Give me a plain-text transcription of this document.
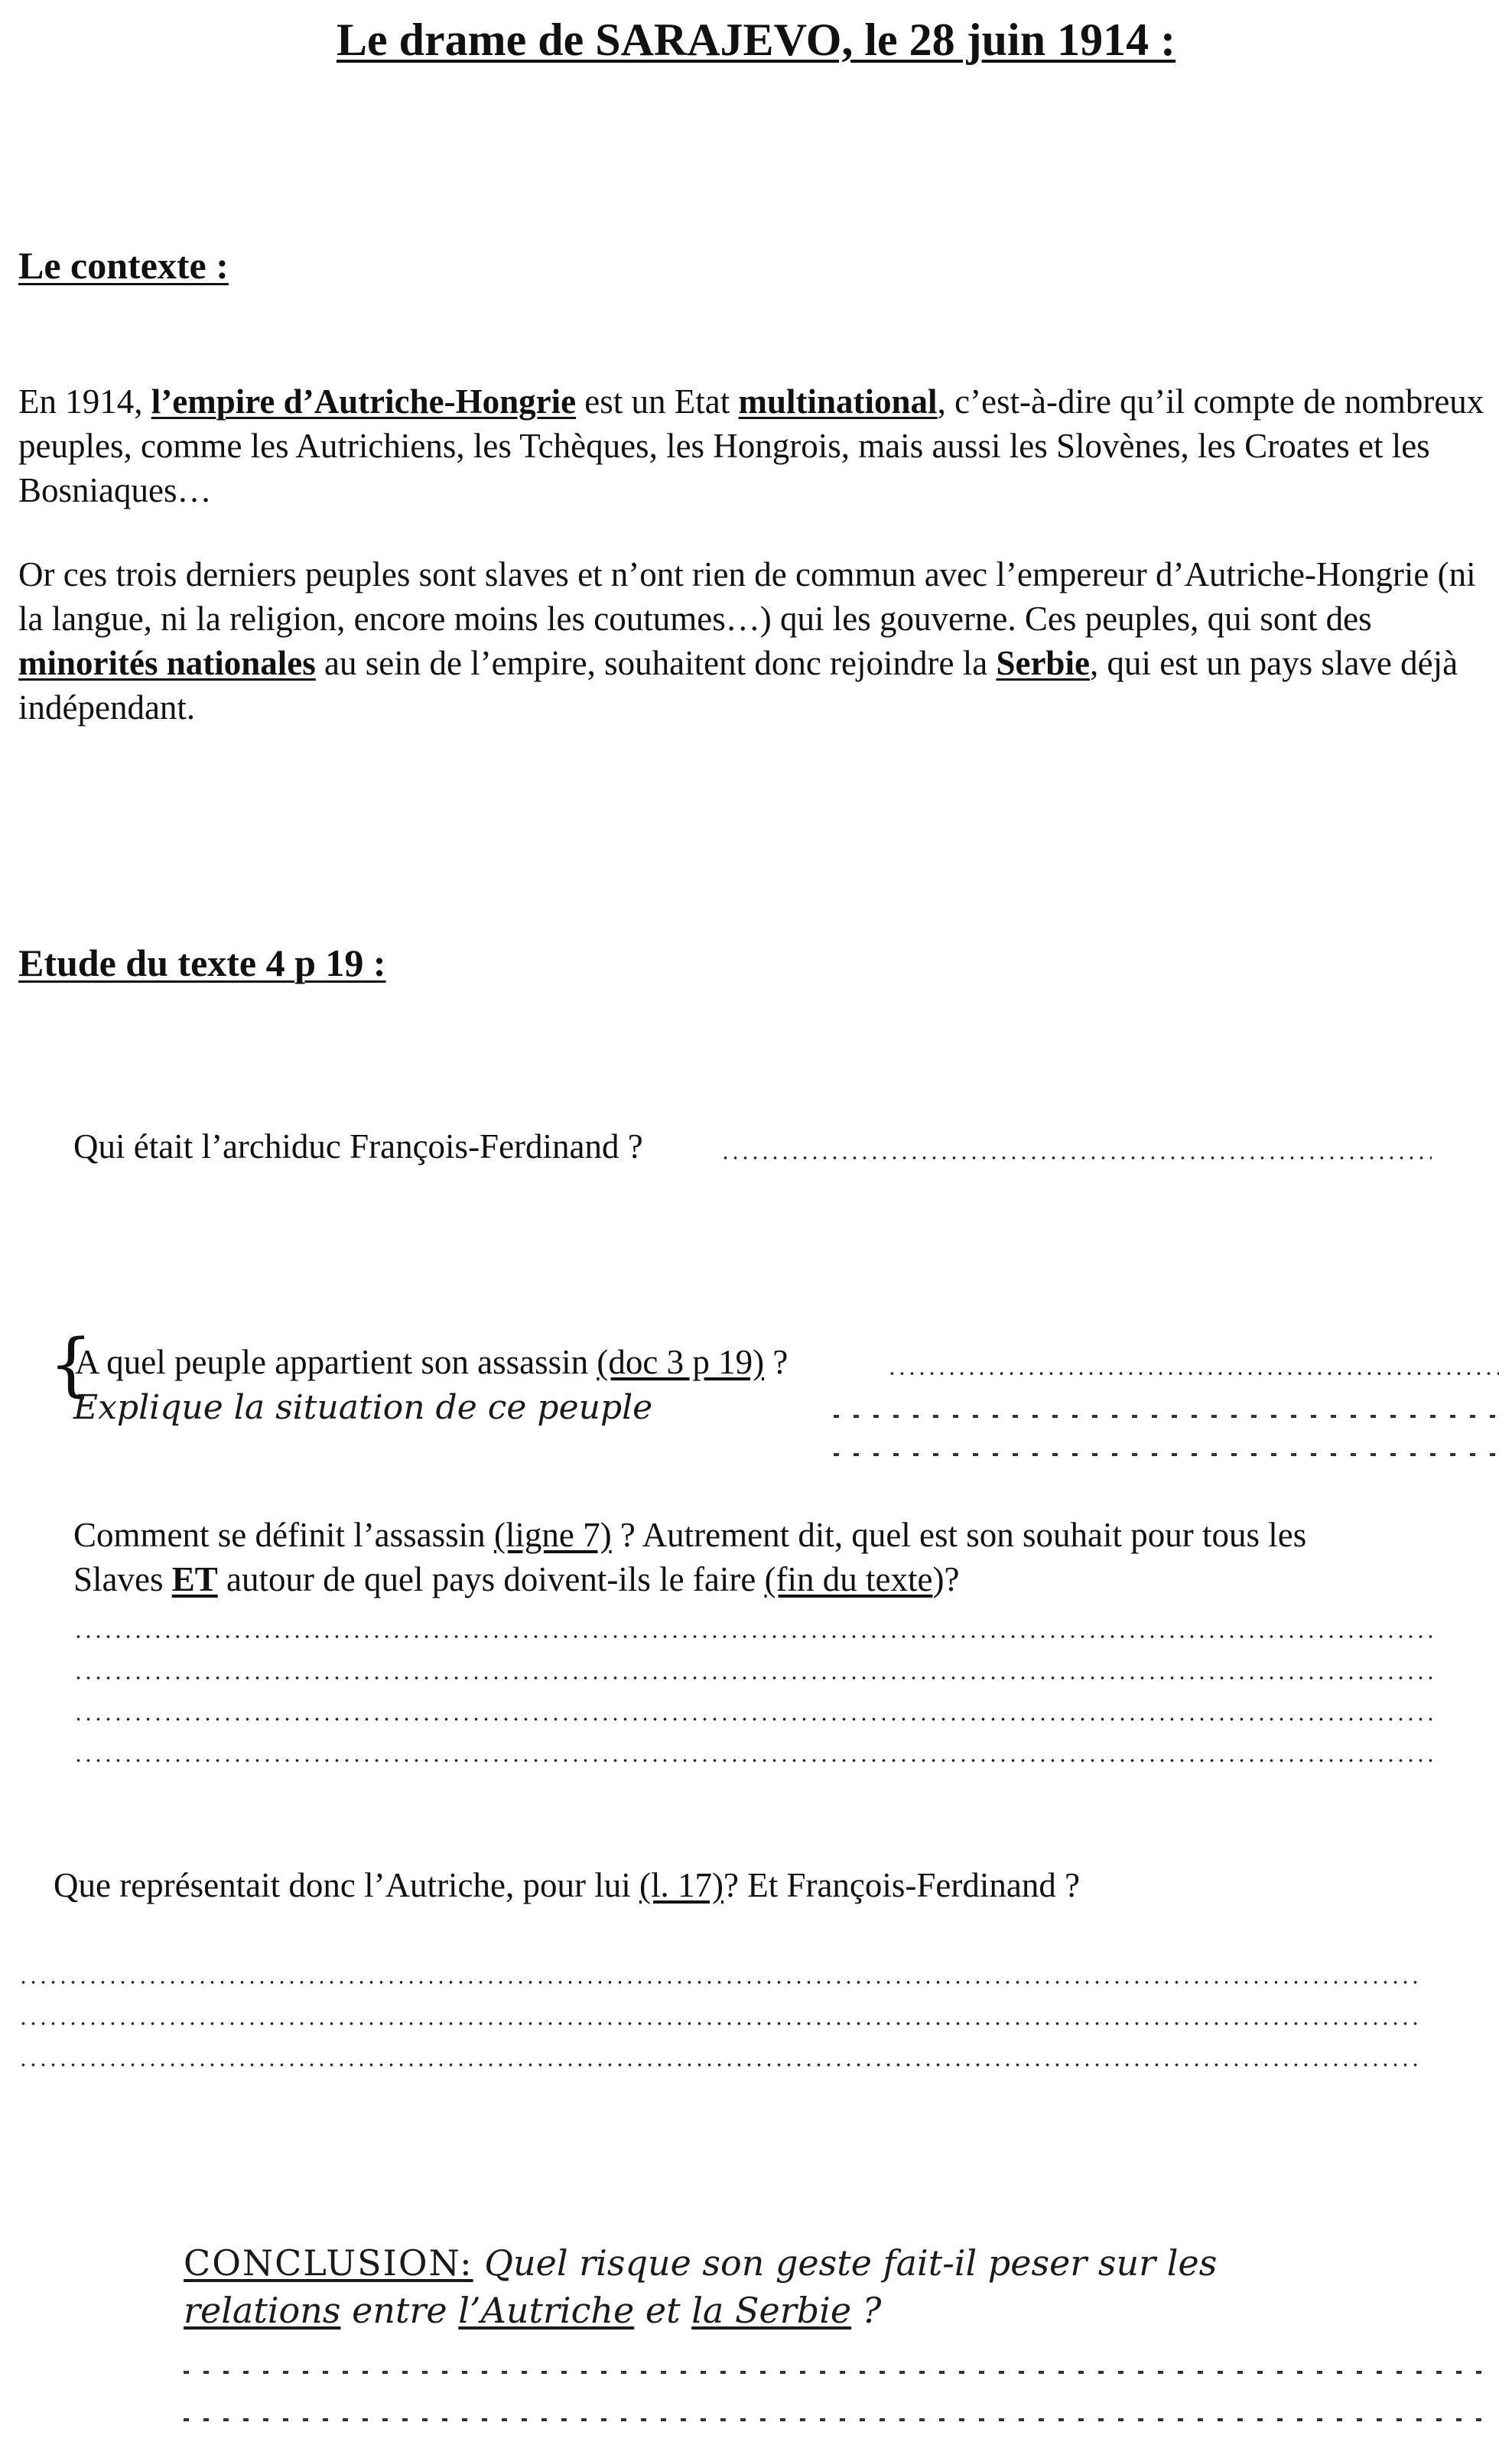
Le drame de SARAJEVO, le 28 juin 1914 :
Le contexte :
En 1914, l’empire d’Autriche-Hongrie est un Etat multinational, c’est-à-dire qu’il compte de nombreux peuples, comme les Autrichiens, les Tchèques, les Hongrois, mais aussi les Slovènes, les Croates et les Bosniaques…
Or ces trois derniers peuples sont slaves et n’ont rien de commun avec l’empereur d’Autriche-Hongrie (ni la langue, ni la religion, encore moins les coutumes…) qui les gouverne. Ces peuples, qui sont des minorités nationales au sein de l’empire, souhaitent donc rejoindre la Serbie, qui est un pays slave déjà indépendant.
Etude du texte 4 p 19 :
Qui était l’archiduc François-Ferdinand ?
{
A quel peuple appartient son assassin (doc 3 p 19) ?
Explique la situation de ce peuple
Comment se définit l’assassin (ligne 7) ? Autrement dit, quel est son souhait pour tous les
Slaves ET autour de quel pays doivent-ils le faire (fin du texte)?
Que représentait donc l’Autriche, pour lui (l. 17)? Et François-Ferdinand ?
CONCLUSION: Quel risque son geste fait-il peser sur les
relations entre l’Autriche et la Serbie ?
